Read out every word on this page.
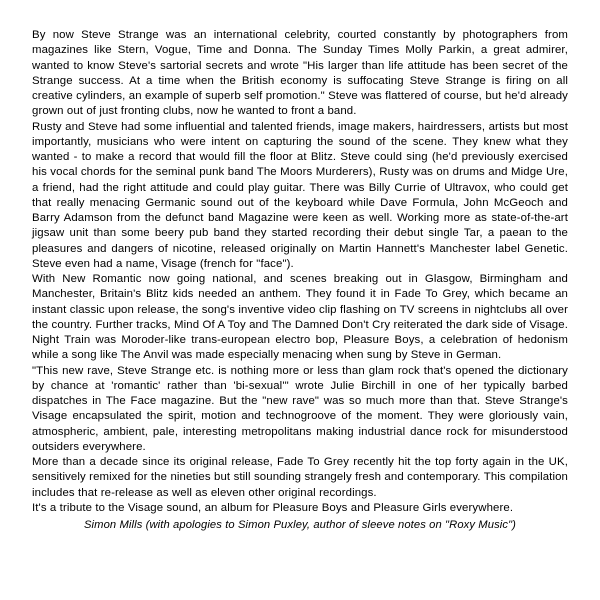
By now Steve Strange was an international celebrity, courted constantly by photographers from magazines like Stern, Vogue, Time and Donna. The Sunday Times Molly Parkin, a great admirer, wanted to know Steve's sartorial secrets and wrote "His larger than life attitude has been secret of the Strange success. At a time when the British economy is suffocating Steve Strange is firing on all creative cylinders, an example of superb self promotion." Steve was flattered of course, but he'd already grown out of just fronting clubs, now he wanted to front a band.

Rusty and Steve had some influential and talented friends, image makers, hairdressers, artists but most importantly, musicians who were intent on capturing the sound of the scene. They knew what they wanted - to make a record that would fill the floor at Blitz. Steve could sing (he'd previously exercised his vocal chords for the seminal punk band The Moors Murderers), Rusty was on drums and Midge Ure, a friend, had the right attitude and could play guitar. There was Billy Currie of Ultravox, who could get that really menacing Germanic sound out of the keyboard while Dave Formula, John McGeoch and Barry Adamson from the defunct band Magazine were keen as well. Working more as state-of-the-art jigsaw unit than some beery pub band they started recording their debut single Tar, a paean to the pleasures and dangers of nicotine, released originally on Martin Hannett's Manchester label Genetic. Steve even had a name, Visage (french for "face").

With New Romantic now going national, and scenes breaking out in Glasgow, Birmingham and Manchester, Britain's Blitz kids needed an anthem. They found it in Fade To Grey, which became an instant classic upon release, the song's inventive video clip flashing on TV screens in nightclubs all over the country. Further tracks, Mind Of A Toy and The Damned Don't Cry reiterated the dark side of Visage. Night Train was Moroder-like trans-european electro bop, Pleasure Boys, a celebration of hedonism while a song like The Anvil was made especially menacing when sung by Steve in German.

"This new rave, Steve Strange etc. is nothing more or less than glam rock that's opened the dictionary by chance at 'romantic' rather than 'bi-sexual'" wrote Julie Birchill in one of her typically barbed dispatches in The Face magazine. But the "new rave" was so much more than that. Steve Strange's Visage encapsulated the spirit, motion and technogroove of the moment. They were gloriously vain, atmospheric, ambient, pale, interesting metropolitans making industrial dance rock for misunderstood outsiders everywhere.

More than a decade since its original release, Fade To Grey recently hit the top forty again in the UK, sensitively remixed for the nineties but still sounding strangely fresh and contemporary. This compilation includes that re-release as well as eleven other original recordings.

It's a tribute to the Visage sound, an album for Pleasure Boys and Pleasure Girls everywhere.

Simon Mills (with apologies to Simon Puxley, author of sleeve notes on "Roxy Music")
